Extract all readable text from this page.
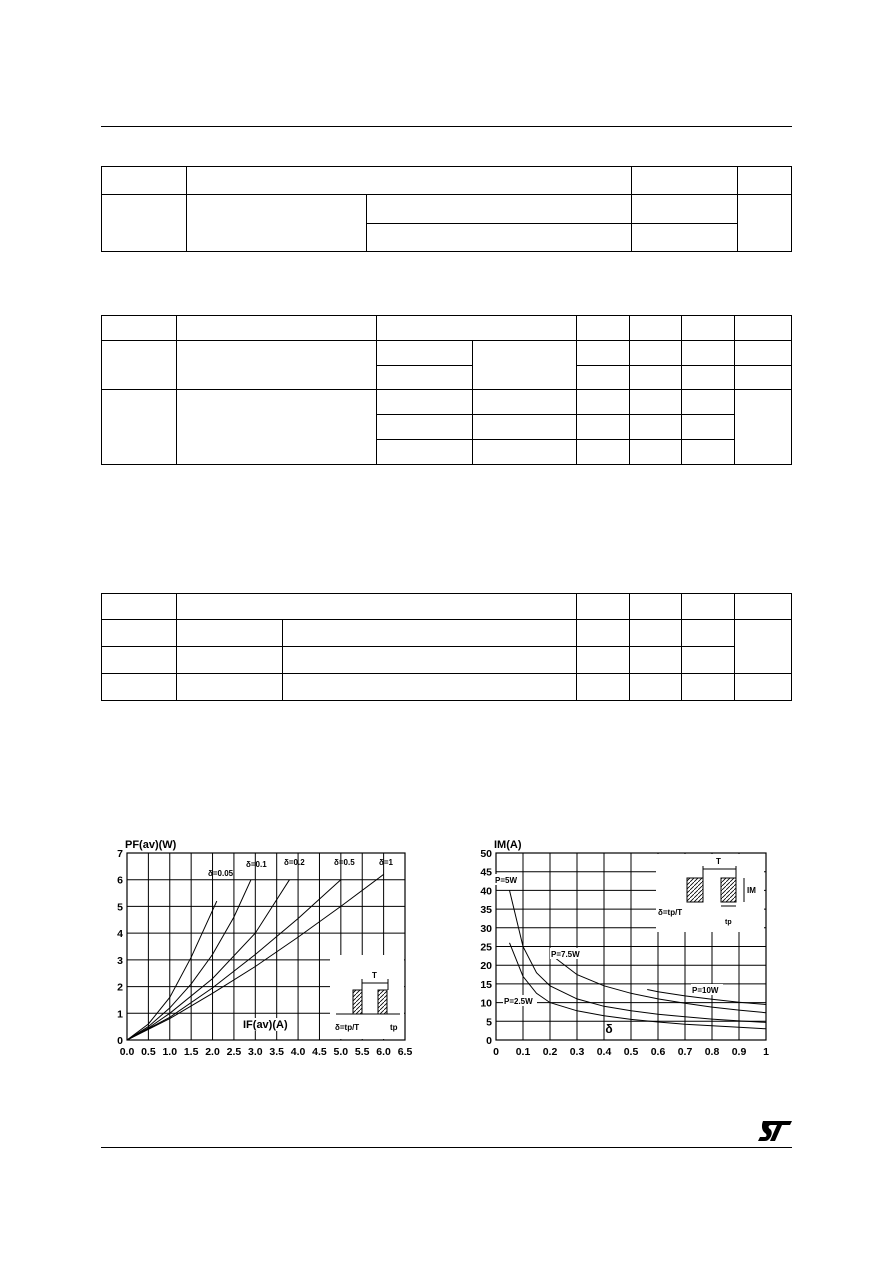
0.0 0.5 1.0 1.5 2.0 2.5 3.0 3.5 4.0 4.5 5.0 5.5 6.0 6.5
0
1
2
3
4
5
6
7
δ=0.05
δ=0.1 δ=0.2	δ=0.5	δ=1
PF(av)(W)
IF(av)(A)
T
δ=tp/T	tp
0 0.1 0.2 0.3 0.4 0.5 0.6 0.7 0.8 0.9 1
0
5
10
15
20
25
30
35
40
45
50
P=2.5W
P=5W
P=7.5W
P=10W
IM(A)
T
IM
δ=tp/T
tp
δ
